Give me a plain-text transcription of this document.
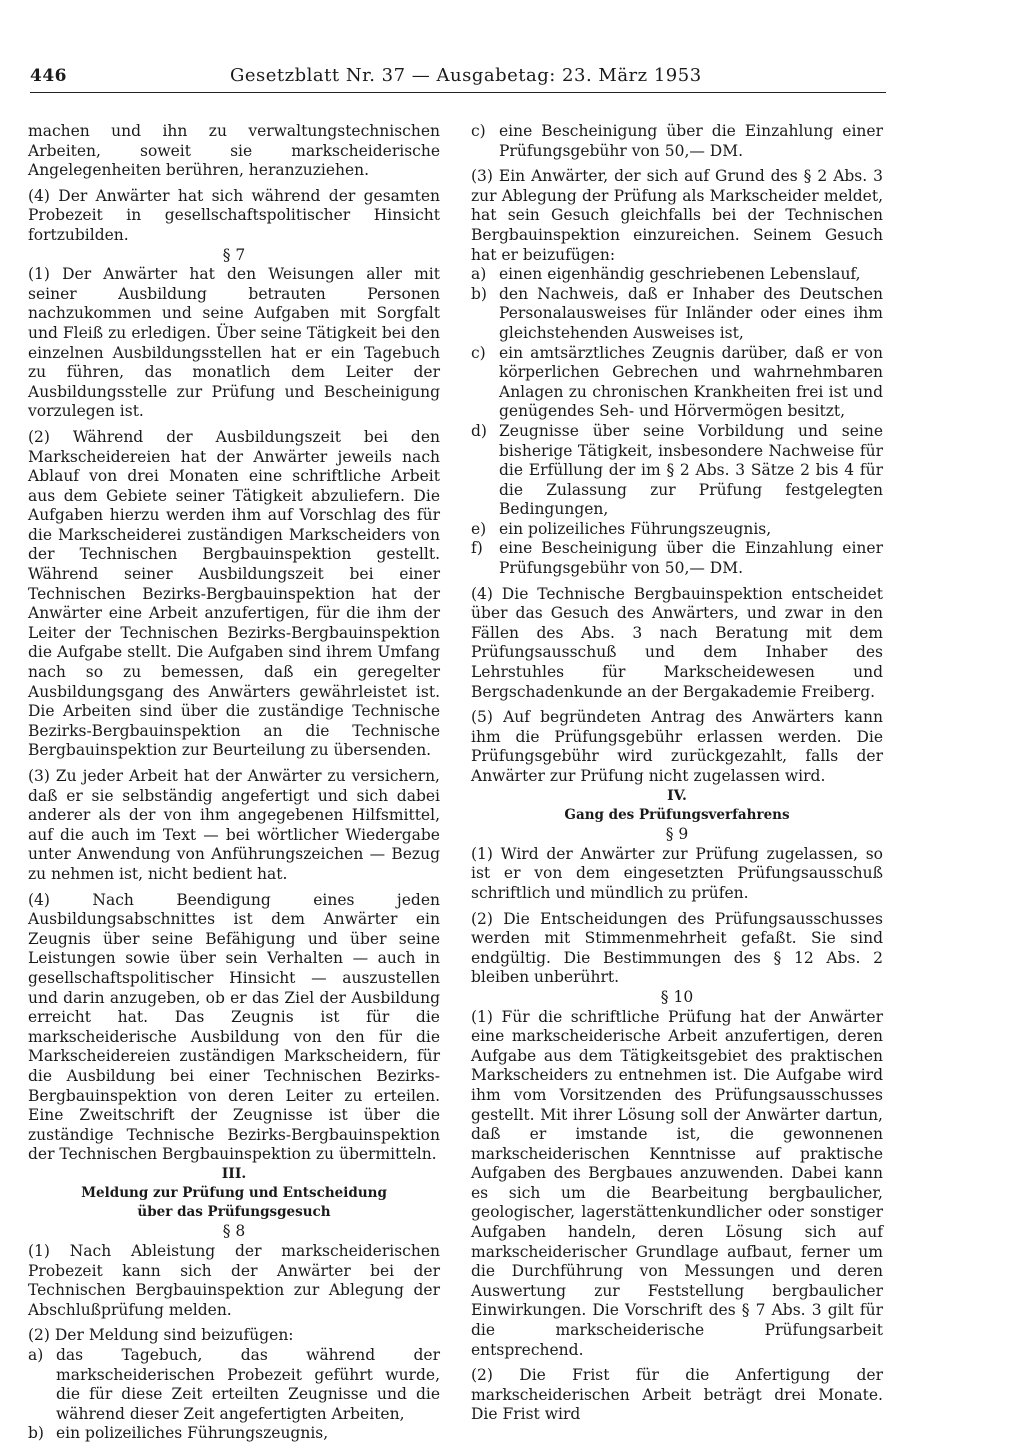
446	Gesetzblatt Nr. 37 — Ausgabetag: 23. März 1953

machen und ihn zu verwaltungstechnischen Arbeiten, soweit sie markscheiderische Angelegenheiten berühren, heranzuziehen.

(4) Der Anwärter hat sich während der gesamten Probezeit in gesellschaftspolitischer Hinsicht fortzubilden.

§ 7

(1) Der Anwärter hat den Weisungen aller mit seiner Ausbildung betrauten Personen nachzukommen und seine Aufgaben mit Sorgfalt und Fleiß zu erledigen. Über seine Tätigkeit bei den einzelnen Ausbildungsstellen hat er ein Tagebuch zu führen, das monatlich dem Leiter der Ausbildungsstelle zur Prüfung und Bescheinigung vorzulegen ist.

(2) Während der Ausbildungszeit bei den Markscheidereien hat der Anwärter jeweils nach Ablauf von drei Monaten eine schriftliche Arbeit aus dem Gebiete seiner Tätigkeit abzuliefern. Die Aufgaben hierzu werden ihm auf Vorschlag des für die Markscheiderei zuständigen Markscheiders von der Technischen Bergbauinspektion gestellt. Während seiner Ausbildungszeit bei einer Technischen Bezirks-Bergbauinspektion hat der Anwärter eine Arbeit anzufertigen, für die ihm der Leiter der Technischen Bezirks-Bergbauinspektion die Aufgabe stellt. Die Aufgaben sind ihrem Umfang nach so zu bemessen, daß ein geregelter Ausbildungsgang des Anwärters gewährleistet ist. Die Arbeiten sind über die zuständige Technische Bezirks-Bergbauinspektion an die Technische Bergbauinspektion zur Beurteilung zu übersenden.

(3) Zu jeder Arbeit hat der Anwärter zu versichern, daß er sie selbständig angefertigt und sich dabei anderer als der von ihm angegebenen Hilfsmittel, auf die auch im Text — bei wörtlicher Wiedergabe unter Anwendung von Anführungszeichen — Bezug zu nehmen ist, nicht bedient hat.

(4) Nach Beendigung eines jeden Ausbildungsabschnittes ist dem Anwärter ein Zeugnis über seine Befähigung und über seine Leistungen sowie über sein Verhalten — auch in gesellschaftspolitischer Hinsicht — auszustellen und darin anzugeben, ob er das Ziel der Ausbildung erreicht hat. Das Zeugnis ist für die markscheiderische Ausbildung von den für die Markscheidereien zuständigen Markscheidern, für die Ausbildung bei einer Technischen Bezirks-Bergbauinspektion von deren Leiter zu erteilen. Eine Zweitschrift der Zeugnisse ist über die zuständige Technische Bezirks-Bergbauinspektion der Technischen Bergbauinspektion zu übermitteln.

III.

Meldung zur Prüfung und Entscheidung

über das Prüfungsgesuch

§ 8

(1) Nach Ableistung der markscheiderischen Probezeit kann sich der Anwärter bei der Technischen Bergbauinspektion zur Ablegung der Abschlußprüfung melden.

(2) Der Meldung sind beizufügen:

a) das Tagebuch, das während der markscheiderischen Probezeit geführt wurde, die für diese Zeit erteilten Zeugnisse und die während dieser Zeit angefertigten Arbeiten,
b) ein polizeiliches Führungszeugnis,
c) eine Bescheinigung über die Einzahlung einer Prüfungsgebühr von 50,— DM.

(3) Ein Anwärter, der sich auf Grund des § 2 Abs. 3 zur Ablegung der Prüfung als Markscheider meldet, hat sein Gesuch gleichfalls bei der Technischen Bergbauinspektion einzureichen. Seinem Gesuch hat er beizufügen:

a) einen eigenhändig geschriebenen Lebenslauf,
b) den Nachweis, daß er Inhaber des Deutschen Personalausweises für Inländer oder eines ihm gleichstehenden Ausweises ist,
c) ein amtsärztliches Zeugnis darüber, daß er von körperlichen Gebrechen und wahrnehmbaren Anlagen zu chronischen Krankheiten frei ist und genügendes Seh- und Hörvermögen besitzt,
d) Zeugnisse über seine Vorbildung und seine bisherige Tätigkeit, insbesondere Nachweise für die Erfüllung der im § 2 Abs. 3 Sätze 2 bis 4 für die Zulassung zur Prüfung festgelegten Bedingungen,
e) ein polizeiliches Führungszeugnis,
f)	eine Bescheinigung über die Einzahlung einer Prüfungsgebühr von 50,— DM.

(4) Die Technische Bergbauinspektion entscheidet über das Gesuch des Anwärters, und zwar in den Fällen des Abs. 3 nach Beratung mit dem Prüfungsausschuß und dem Inhaber des Lehrstuhles für Markscheidewesen und Bergschadenkunde an der Bergakademie Freiberg.

(5) Auf begründeten Antrag des Anwärters kann ihm die Prüfungsgebühr erlassen werden. Die Prüfungsgebühr wird zurückgezahlt, falls der Anwärter zur Prüfung nicht zugelassen wird.

IV.

Gang des Prüfungsverfahrens

§ 9

(1) Wird der Anwärter zur Prüfung zugelassen, so ist er von dem eingesetzten Prüfungsausschuß schriftlich und mündlich zu prüfen.

(2) Die Entscheidungen des Prüfungsausschusses werden mit Stimmenmehrheit gefaßt. Sie sind endgültig. Die Bestimmungen des § 12 Abs. 2 bleiben unberührt.

§ 10

(1) Für die schriftliche Prüfung hat der Anwärter eine markscheiderische Arbeit anzufertigen, deren Aufgabe aus dem Tätigkeitsgebiet des praktischen Markscheiders zu entnehmen ist. Die Aufgabe wird ihm vom Vorsitzenden des Prüfungsausschusses gestellt. Mit ihrer Lösung soll der Anwärter dartun, daß er imstande ist, die gewonnenen markscheiderischen Kenntnisse auf praktische Aufgaben des Bergbaues anzuwenden. Dabei kann es sich um die Bearbeitung bergbaulicher, geologischer, lagerstättenkundlicher oder sonstiger Aufgaben handeln, deren Lösung sich auf markscheiderischer Grundlage aufbaut, ferner um die Durchführung von Messungen und deren Auswertung zur Feststellung bergbaulicher Einwirkungen. Die Vorschrift des § 7 Abs. 3 gilt für die markscheiderische Prüfungsarbeit entsprechend.

(2) Die Frist für die Anfertigung der markscheiderischen Arbeit beträgt drei Monate. Die Frist wird
